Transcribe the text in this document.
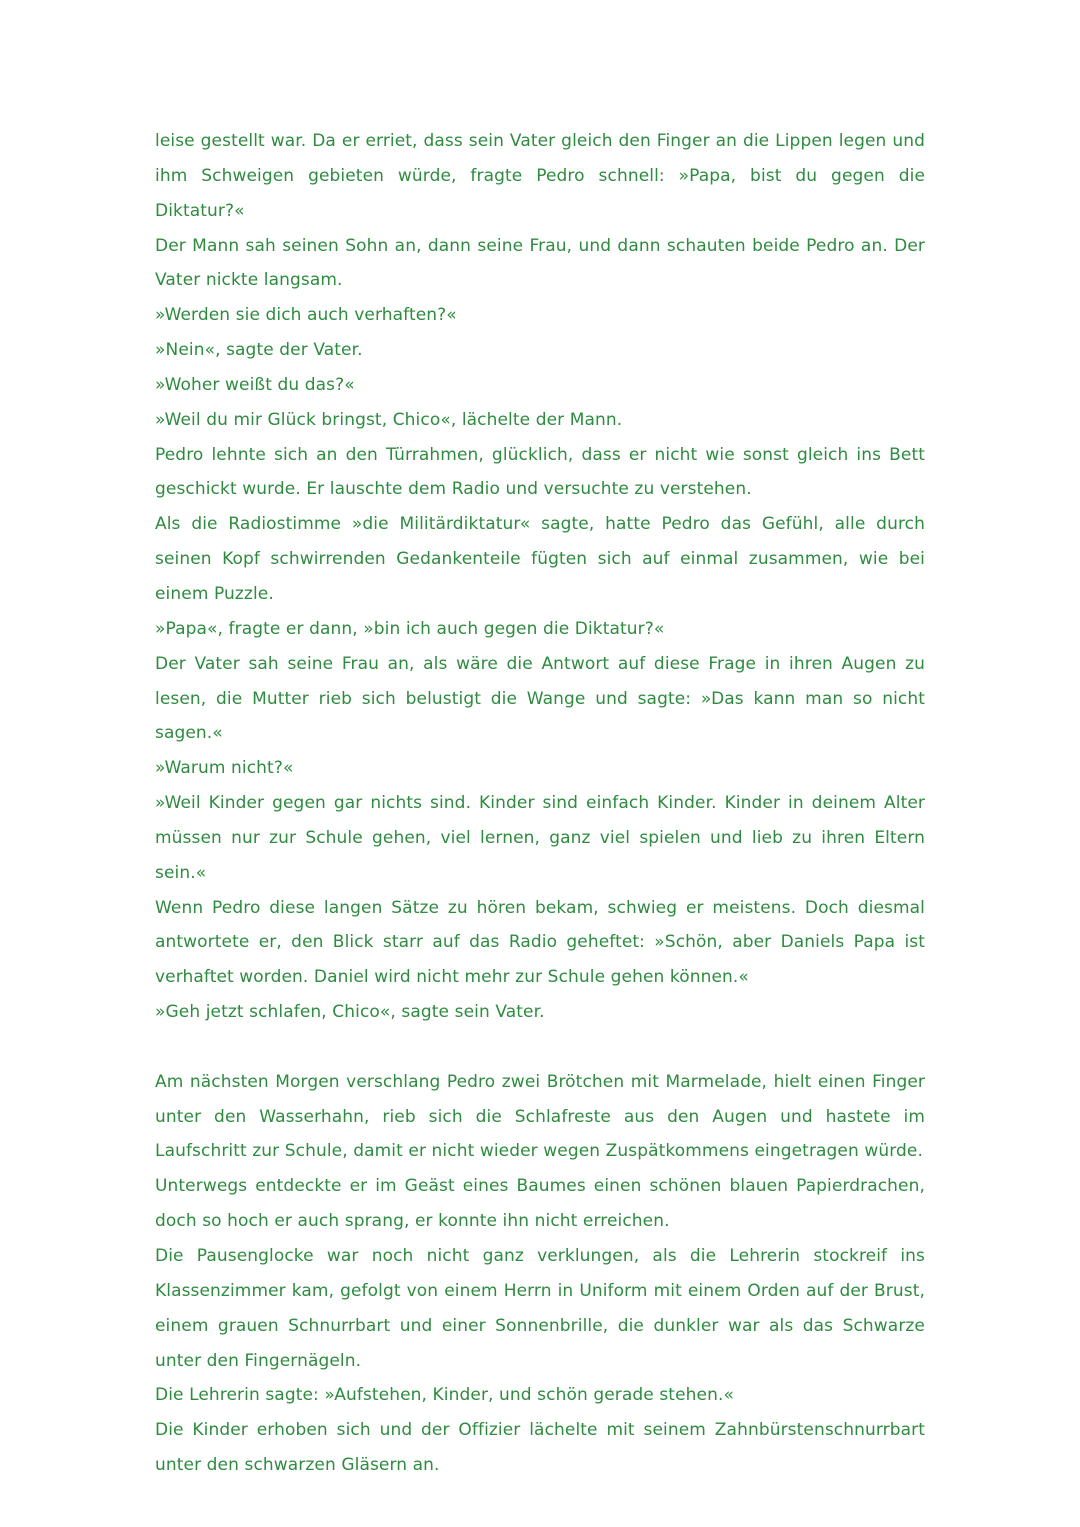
leise gestellt war. Da er erriet, dass sein Vater gleich den Finger an die Lippen legen und ihm Schweigen gebieten würde, fragte Pedro schnell: »Papa, bist du gegen die Diktatur?«

Der Mann sah seinen Sohn an, dann seine Frau, und dann schauten beide Pedro an. Der Vater nickte langsam.

»Werden sie dich auch verhaften?«

»Nein«, sagte der Vater.

»Woher weißt du das?«

»Weil du mir Glück bringst, Chico«, lächelte der Mann.

Pedro lehnte sich an den Türrahmen, glücklich, dass er nicht wie sonst gleich ins Bett geschickt wurde. Er lauschte dem Radio und versuchte zu verstehen.

Als die Radiostimme »die Militärdiktatur« sagte, hatte Pedro das Gefühl, alle durch seinen Kopf schwirrenden Gedankenteile fügten sich auf einmal zusammen, wie bei einem Puzzle.

»Papa«, fragte er dann, »bin ich auch gegen die Diktatur?«

Der Vater sah seine Frau an, als wäre die Antwort auf diese Frage in ihren Augen zu lesen, die Mutter rieb sich belustigt die Wange und sagte: »Das kann man so nicht sagen.«

»Warum nicht?«

»Weil Kinder gegen gar nichts sind. Kinder sind einfach Kinder. Kinder in deinem Alter müssen nur zur Schule gehen, viel lernen, ganz viel spielen und lieb zu ihren Eltern sein.«

Wenn Pedro diese langen Sätze zu hören bekam, schwieg er meistens. Doch diesmal antwortete er, den Blick starr auf das Radio geheftet: »Schön, aber Daniels Papa ist verhaftet worden. Daniel wird nicht mehr zur Schule gehen können.«

»Geh jetzt schlafen, Chico«, sagte sein Vater.

Am nächsten Morgen verschlang Pedro zwei Brötchen mit Marmelade, hielt einen Finger unter den Wasserhahn, rieb sich die Schlafreste aus den Augen und hastete im Laufschritt zur Schule, damit er nicht wieder wegen Zuspätkommens eingetragen würde.

Unterwegs entdeckte er im Geäst eines Baumes einen schönen blauen Papierdrachen, doch so hoch er auch sprang, er konnte ihn nicht erreichen.

Die Pausenglocke war noch nicht ganz verklungen, als die Lehrerin stockreif ins Klassenzimmer kam, gefolgt von einem Herrn in Uniform mit einem Orden auf der Brust, einem grauen Schnurrbart und einer Sonnenbrille, die dunkler war als das Schwarze unter den Fingernägeln.

Die Lehrerin sagte: »Aufstehen, Kinder, und schön gerade stehen.«

Die Kinder erhoben sich und der Offizier lächelte mit seinem Zahnbürstenschnurrbart unter den schwarzen Gläsern an.
